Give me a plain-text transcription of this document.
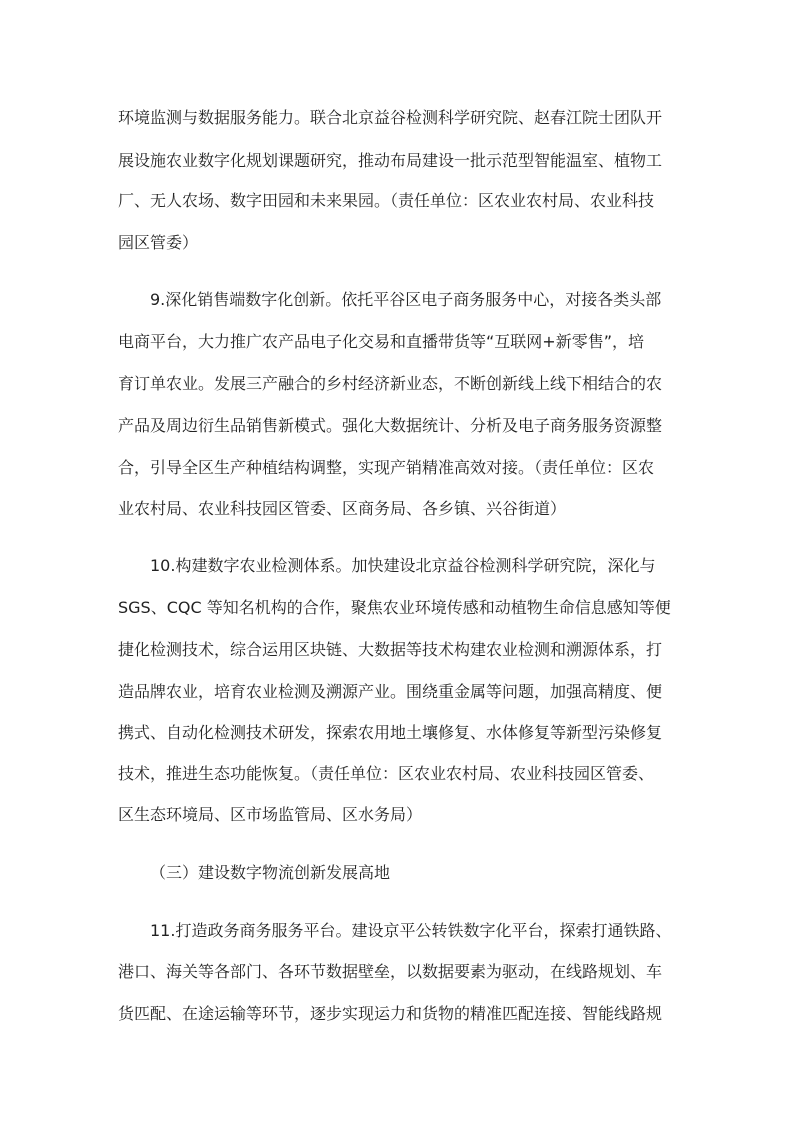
环境监测与数据服务能力。联合北京益谷检测科学研究院、赵春江院士团队开
展设施农业数字化规划课题研究，推动布局建设一批示范型智能温室、植物工
厂、无人农场、数字田园和未来果园。（责任单位：区农业农村局、农业科技
园区管委）
9.深化销售端数字化创新。依托平谷区电子商务服务中心，对接各类头部
电商平台，大力推广农产品电子化交易和直播带货等“互联网+新零售”，培
育订单农业。发展三产融合的乡村经济新业态，不断创新线上线下相结合的农
产品及周边衍生品销售新模式。强化大数据统计、分析及电子商务服务资源整
合，引导全区生产种植结构调整，实现产销精准高效对接。（责任单位：区农
业农村局、农业科技园区管委、区商务局、各乡镇、兴谷街道）
10.构建数字农业检测体系。加快建设北京益谷检测科学研究院，深化与
SGS、CQC 等知名机构的合作，聚焦农业环境传感和动植物生命信息感知等便
捷化检测技术，综合运用区块链、大数据等技术构建农业检测和溯源体系，打
造品牌农业，培育农业检测及溯源产业。围绕重金属等问题，加强高精度、便
携式、自动化检测技术研发，探索农用地土壤修复、水体修复等新型污染修复
技术，推进生态功能恢复。（责任单位：区农业农村局、农业科技园区管委、
区生态环境局、区市场监管局、区水务局）
（三）建设数字物流创新发展高地
11.打造政务商务服务平台。建设京平公转铁数字化平台，探索打通铁路、
港口、海关等各部门、各环节数据壁垒，以数据要素为驱动，在线路规划、车
货匹配、在途运输等环节，逐步实现运力和货物的精准匹配连接、智能线路规
